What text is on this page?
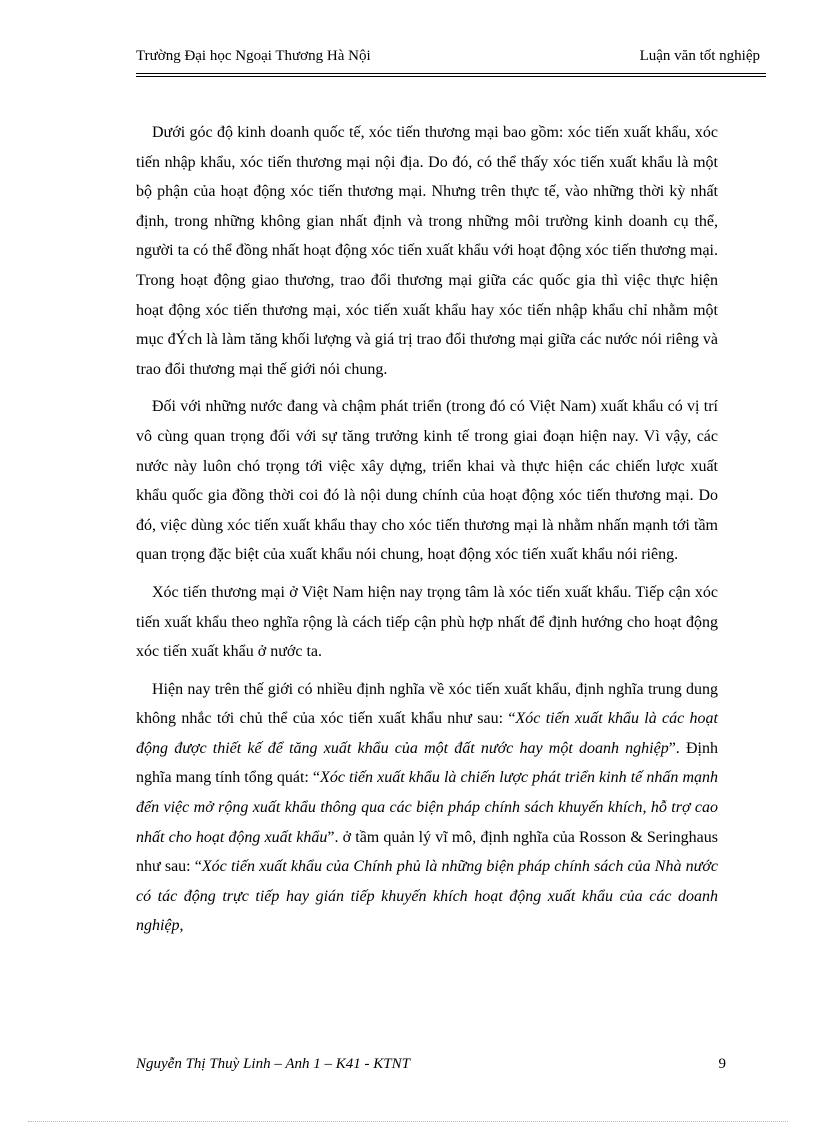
Trường Đại học Ngoại Thương Hà Nội	Luận văn tốt nghiệp

Dưới góc độ kinh doanh quốc tế, xóc tiến thương mại bao gồm: xóc tiến xuất khẩu, xóc tiến nhập khẩu, xóc tiến thương mại nội địa. Do đó, có thể thấy xóc tiến xuất khẩu là một bộ phận của hoạt động xóc tiến thương mại. Nhưng trên thực tế, vào những thời kỳ nhất định, trong những không gian nhất định và trong những môi trường kinh doanh cụ thể, người ta có thể đồng nhất hoạt động xóc tiến xuất khẩu với hoạt động xóc tiến thương mại. Trong hoạt động giao thương, trao đổi thương mại giữa các quốc gia thì việc thực hiện hoạt động xóc tiến thương mại, xóc tiến xuất khẩu hay xóc tiến nhập khẩu chỉ nhằm một mục đÝch là làm tăng khối lượng và giá trị trao đổi thương mại giữa các nước nói riêng và trao đổi thương mại thế giới nói chung.

Đối với những nước đang và chậm phát triển (trong đó có Việt Nam) xuất khẩu có vị trí vô cùng quan trọng đối với sự tăng trưởng kinh tế trong giai đoạn hiện nay. Vì vậy, các nước này luôn chó trọng tới việc xây dựng, triển khai và thực hiện các chiến lược xuất khẩu quốc gia đồng thời coi đó là nội dung chính của hoạt động xóc tiến thương mại. Do đó, việc dùng xóc tiến xuất khẩu thay cho xóc tiến thương mại là nhằm nhấn mạnh tới tầm quan trọng đặc biệt của xuất khẩu nói chung, hoạt động xóc tiến xuất khẩu nói riêng.

Xóc tiến thương mại ở Việt Nam hiện nay trọng tâm là xóc tiến xuất khẩu. Tiếp cận xóc tiến xuất khẩu theo nghĩa rộng là cách tiếp cận phù hợp nhất để định hướng cho hoạt động xóc tiến xuất khẩu ở nước ta.

Hiện nay trên thế giới có nhiều định nghĩa về xóc tiến xuất khẩu, định nghĩa trung dung không nhắc tới chủ thể của xóc tiến xuất khẩu như sau: “Xóc tiến xuất khẩu là các hoạt động được thiết kế để tăng xuất khẩu của một đất nước hay một doanh nghiệp”. Định nghĩa mang tính tổng quát: “Xóc tiến xuất khẩu là chiến lược phát triển kinh tế nhấn mạnh đến việc mở rộng xuất khẩu thông qua các biện pháp chính sách khuyến khích, hỗ trợ cao nhất cho hoạt động xuất khẩu”. ở tầm quản lý vĩ mô, định nghĩa của Rosson & Seringhaus như sau: “Xóc tiến xuất khẩu của Chính phủ là những biện pháp chính sách của Nhà nước có tác động trực tiếp hay gián tiếp khuyến khích hoạt động xuất khẩu của các doanh nghiệp,

Nguyễn Thị Thuỳ Linh – Anh 1 – K41 - KTNT	9
